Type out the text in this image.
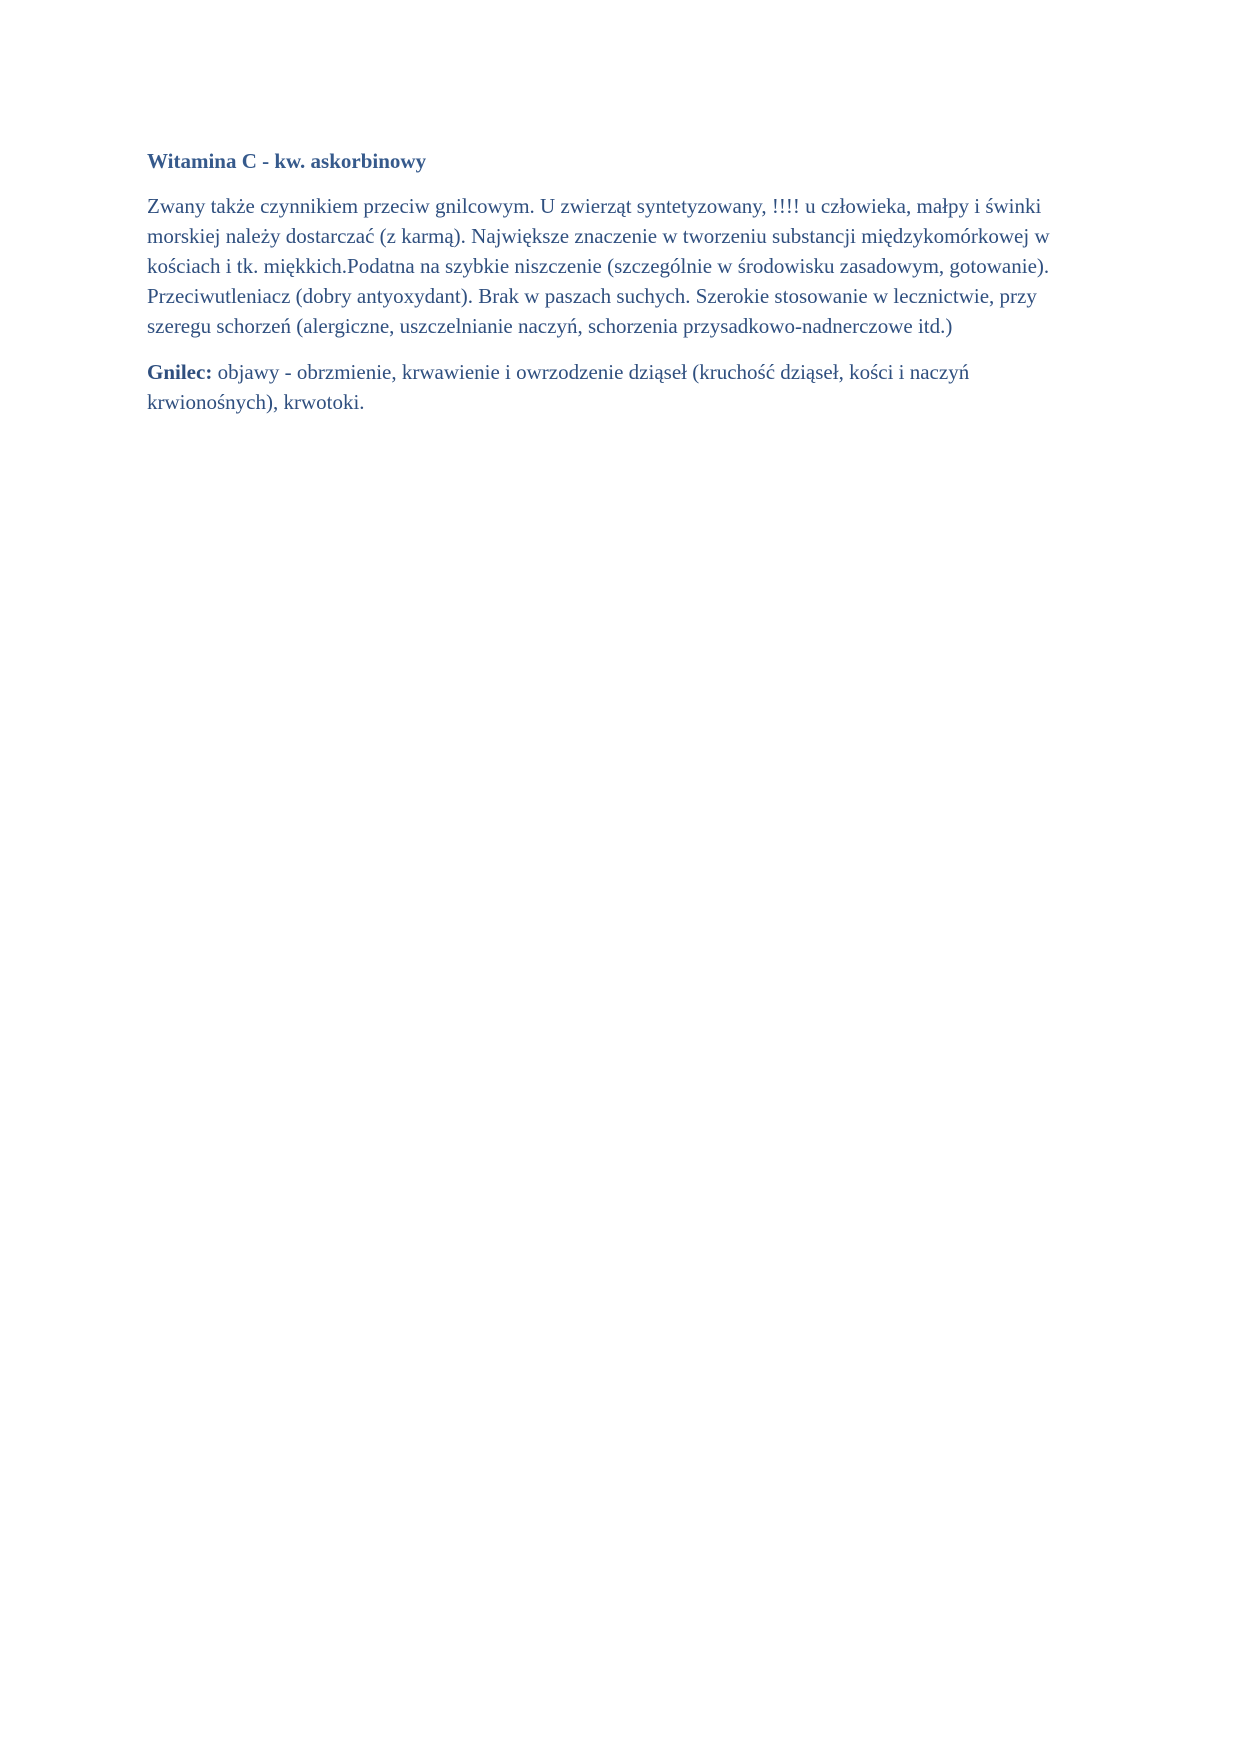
Witamina C - kw. askorbinowy

Zwany także czynnikiem przeciw gnilcowym. U zwierząt syntetyzowany, !!!! u człowieka, małpy i świnki morskiej należy dostarczać (z karmą). Największe znaczenie w tworzeniu substancji międzykomórkowej w kościach i tk. miękkich.Podatna na szybkie niszczenie (szczególnie w środowisku zasadowym, gotowanie). Przeciwutleniacz (dobry antyoxydant). Brak w paszach suchych. Szerokie stosowanie w lecznictwie, przy szeregu schorzeń (alergiczne, uszczelnianie naczyń, schorzenia przysadkowo-nadnerczowe itd.)

Gnilec: objawy - obrzmienie, krwawienie i owrzodzenie dziąseł (kruchość dziąseł, kości i naczyń krwionośnych), krwotoki.
